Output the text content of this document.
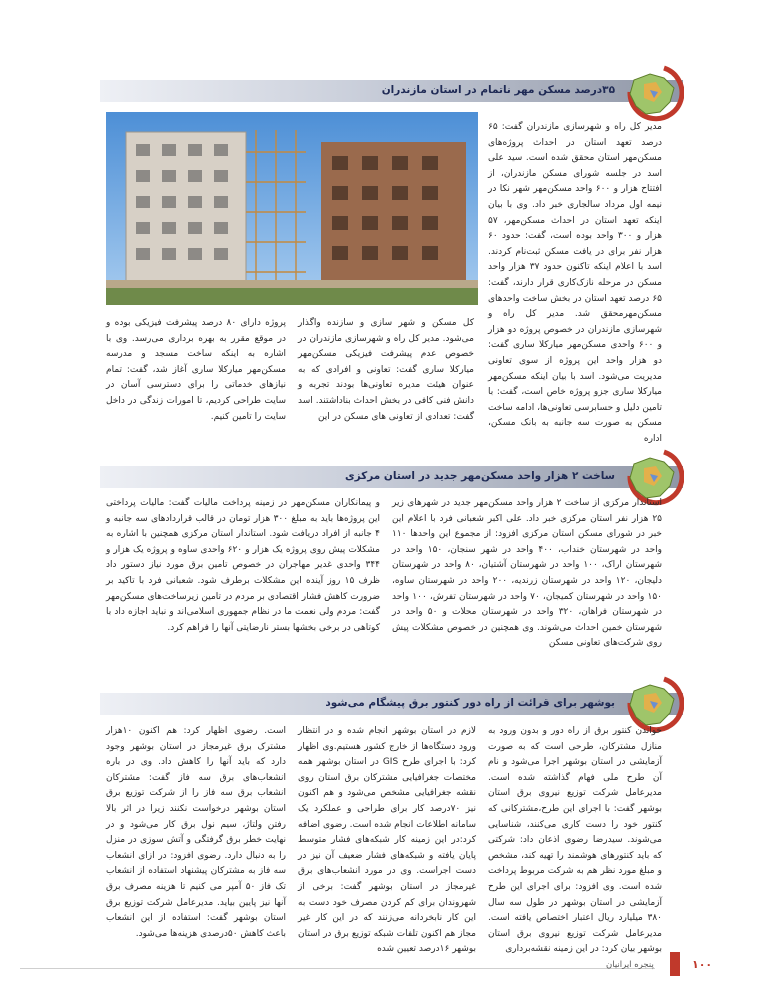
۳۵درصد مسکن مهر ناتمام در استان مازندران

مدیر کل راه و شهرسازی مازندران گفت: ۶۵ درصد تعهد استان در احداث پروژه‌های مسکن‌مهر استان محقق شده است. سید علی اسد در جلسه شورای مسکن مازندران، از افتتاح هزار و ۶۰۰ واحد مسکن‌مهر شهر نکا در نیمه اول مرداد سالجاری خبر داد. وی با بیان اینکه تعهد استان در احداث مسکن‌مهر، ۵۷ هزار و ۳۰۰ واحد بوده است، گفت: حدود ۶۰ هزار نفر برای در یافت مسکن ثبت‌نام کردند. اسد با اعلام اینکه تاکنون حدود ۳۷ هزار واحد مسکن در مرحله نازک‌کاری قرار دارند، گفت: ۶۵ درصد تعهد استان در بخش ساخت واحدهای مسکن‌مهرمحقق شد. مدیر کل راه و شهرسازی مازندران در خصوص پروژه دو هزار و ۶۰۰ واحدی مسکن‌مهر میارکلا ساری گفت: دو هزار واحد این پروژه از سوی تعاونی مدیریت می‌شود. اسد با بیان اینکه مسکن‌مهر میارکلا ساری جزو پروژه خاص است، گفت: با تامین دلیل و حسابرسی تعاونی‌ها، ادامه ساخت مسکن به صورت سه جانبه به بانک مسکن، اداره

کل مسکن و شهر سازی و سازنده واگذار می‌شود. مدیر کل راه و شهرسازی مازندران در خصوص عدم پیشرفت فیزیکی مسکن‌مهر میارکلا ساری گفت: تعاونی و افرادی که به عنوان هیئت مدیره تعاونی‌ها بودند تجربه و دانش فنی کافی در بخش احداث بناداشتند. اسد گفت: تعدادی از تعاونی های مسکن در این

پروژه دارای ۸۰ درصد پیشرفت فیزیکی بوده و در موقع مقرر به بهره برداری می‌رسد. وی با اشاره به اینکه ساخت مسجد و مدرسه مسکن‌مهر میارکلا ساری آغاز شد، گفت: تمام نیازهای خدماتی را برای دسترسی آسان در سایت طراحی کردیم، تا امورات زندگی در داخل سایت را تامین کنیم.

ساخت ۲ هزار واحد مسکن‌مهر جدید در استان مرکزی

استاندار مرکزی از ساخت ۲ هزار واحد مسکن‌مهر جدید در شهرهای زیر ۲۵ هزار نفر استان مرکزی خبر داد. علی اکبر شعبانی فرد با اعلام این خبر در شورای مسکن استان مرکزی افزود: از مجموع این واحدها ۱۱۰ واحد در شهرستان خنداب، ۴۰۰ واحد در شهر سنجان، ۱۵۰ واحد در شهرستان اراک، ۱۰۰ واحد در شهرستان آشتیان، ۸۰ واحد در شهرستان دلیجان، ۱۲۰ واحد در شهرستان زرندیه، ۲۰۰ واحد در شهرستان ساوه، ۱۵۰ واحد در شهرستان کمیجان، ۷۰ واحد در شهرستان تفرش، ۱۰۰ واحد در شهرستان فراهان، ۳۲۰ واحد در شهرستان محلات و ۵۰ واحد در شهرستان خمین احداث می‌شوند. وی همچنین در خصوص مشکلات پیش روی شرکت‌های تعاونی مسکن

و پیمانکاران مسکن‌مهر در زمینه پرداخت مالیات گفت: مالیات پرداختی این پروژه‌ها باید به مبلغ ۳۰۰ هزار تومان در قالب قراردادهای سه جانبه و ۴ جانبه از افراد دریافت شود. استاندار استان مرکزی همچنین با اشاره به مشکلات پیش روی پروژه یک هزار و ۶۲۰ واحدی ساوه و پروژه یک هزار و ۳۴۴ واحدی غدیر مهاجران در خصوص تامین برق مورد نیاز دستور داد ظرف ۱۵ روز آینده این مشکلات برطرف شود. شعبانی فرد با تاکید بر ضرورت کاهش فشار اقتصادی بر مردم در تامین زیرساخت‌های مسکن‌مهر گفت: مردم ولی نعمت ما در نظام جمهوری اسلامی‌اند و نباید اجازه داد با کوتاهی در برخی بخشها بستر نارضایتی آنها را فراهم کرد.

بوشهر برای قرائت از راه دور کنتور برق پیشگام می‌شود

خواندن کنتور برق از راه دور و بدون ورود به منازل مشترکان، طرحی است که به صورت آزمایشی در استان بوشهر اجرا می‌شود و نام آن طرح ملی فهام گذاشته شده است. مدیرعامل شرکت توزیع نیروی برق استان بوشهر گفت: با اجرای این طرح،مشترکانی که کنتور خود را دست کاری می‌کنند، شناسایی می‌شوند. سیدرضا رضوی اذعان داد: شرکتی که باید کنتورهای هوشمند را تهیه کند، مشخص و مبلغ مورد نظر هم به شرکت مربوط پرداخت شده است. وی افزود: برای اجرای این طرح آزمایشی در استان بوشهر در طول سه سال ۳۸۰ میلیارد ریال اعتبار اختصاص یافته است. مدیرعامل شرکت توزیع نیروی برق استان بوشهر بیان کرد: در این زمینه نقشه‌برداری

لازم در استان بوشهر انجام شده و در انتظار ورود دستگاه‌ها از خارج کشور هستیم.وی اظهار کرد: با اجرای طرح GIS در استان بوشهر همه مختصات جغرافیایی مشترکان برق استان روی نقشه جغرافیایی مشخص می‌شود و هم اکنون نیز ۷۰درصد کار برای طراحی و عملکرد یک سامانه اطلاعات انجام شده است. رضوی اضافه کرد:در این زمینه کار شبکه‌های فشار متوسط پایان یافته و شبکه‌های فشار ضعیف آن نیز در دست اجراست. وی در مورد انشعاب‌های برق غیرمجاز در استان بوشهر گفت: برخی از شهروندان برای کم کردن مصرف خود دست به این کار نابخردانه می‌زنند که در این کار غیر مجاز هم اکنون تلفات شبکه توزیع برق در استان بوشهر ۱۶درصد تعیین شده

است. رضوی اظهار کرد: هم اکنون ۱۰هزار مشترک برق غیرمجاز در استان بوشهر وجود دارد که باید آنها را کاهش داد. وی در باره انشعاب‌های برق سه فاز گفت: مشترکان انشعاب برق سه فاز را از شرکت توزیع برق استان بوشهر درخواست نکنند زیرا در اثر بالا رفتن ولتاژ، سیم نول برق کار می‌شود و در نهایت خطر برق گرفتگی و آتش سوزی در منزل را به دنبال دارد. رضوی افزود: در ازای انشعاب سه فاز به مشترکان پیشنهاد استفاده از انشعاب تک فاز ۵۰ آمپر می کنیم تا هزینه مصرف برق آنها نیز پایین بیاید. مدیرعامل شرکت توزیع برق استان بوشهر گفت: استفاده از این انشعاب باعث کاهش ۵۰درصدی هزینه‌ها می‌شود.

۱۰۰
پنجره ایرانیان
